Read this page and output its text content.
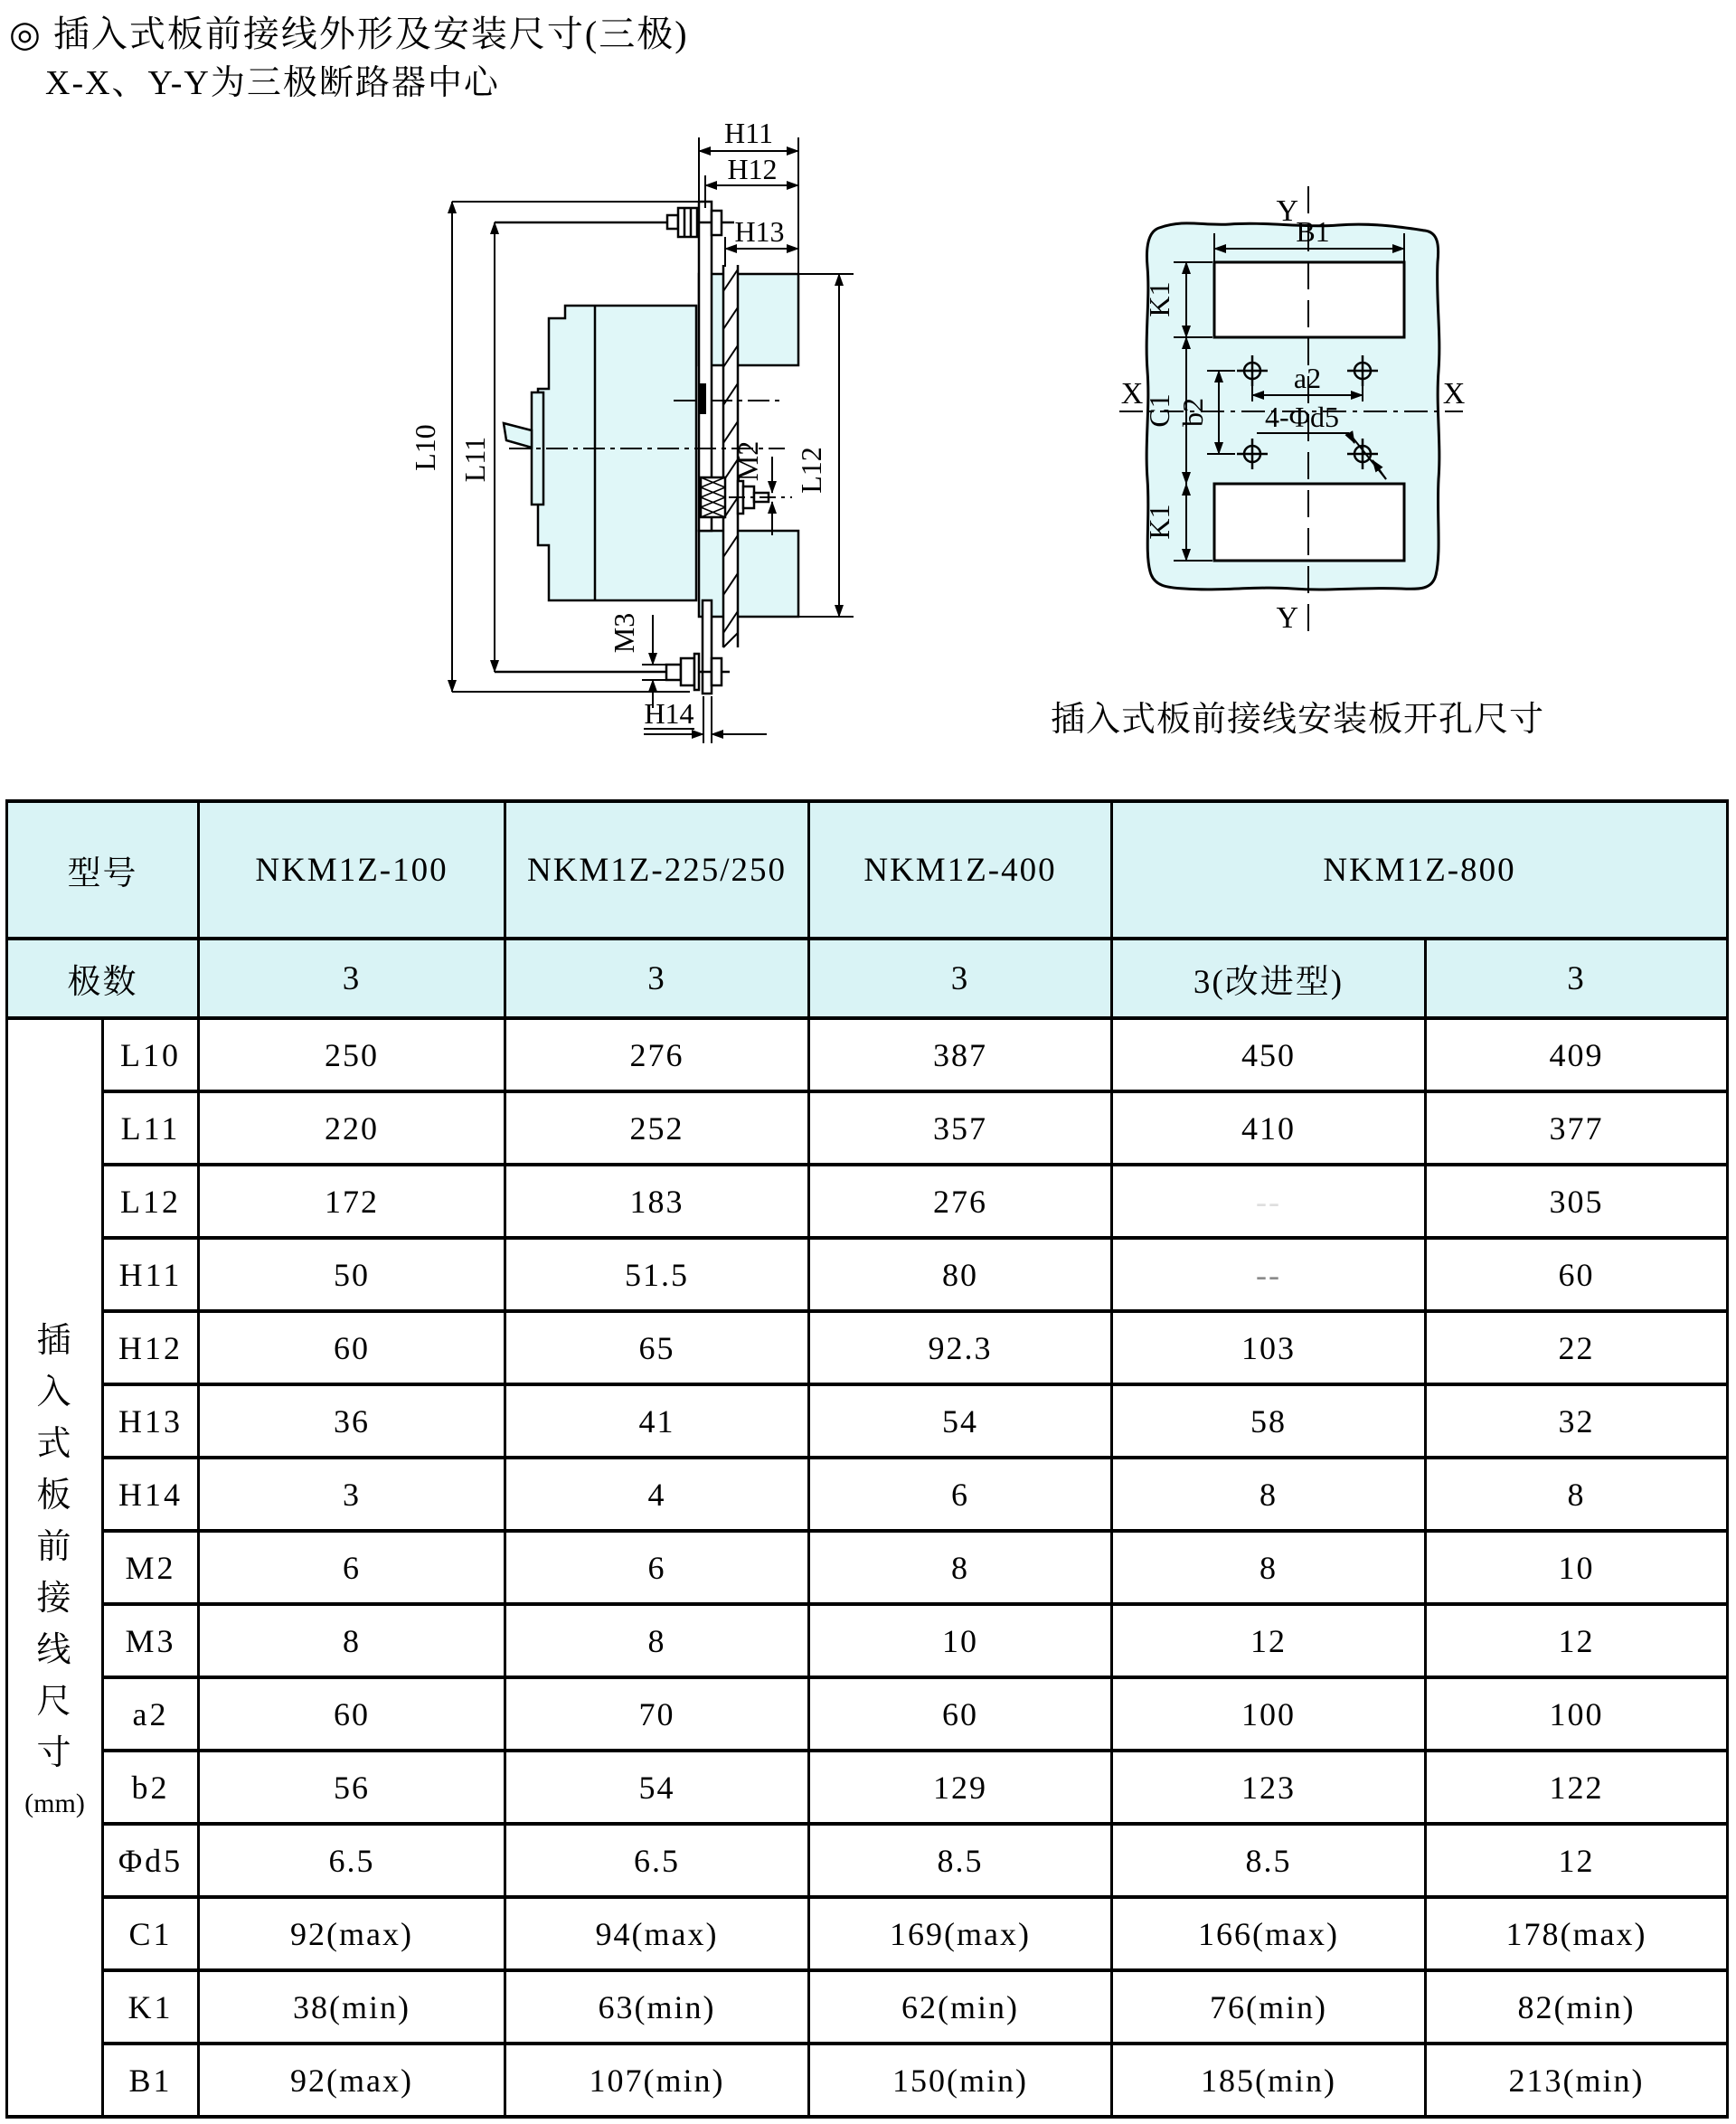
◎ 插入式板前接线外形及安装尺寸(三极)
X-X、Y-Y为三极断路器中心
H11
H12
H13
L10 L11	L12
M2
M3
H14
Y
Y
X	X
B1
K1
C1
K1
b2
a2
4-Φd5
插入式板前接线安装板开孔尺寸
型号		NKM1Z-100	NKM1Z-225/250	NKM1Z-400	NKM1Z-800	
极数		3	3	3	3(改进型)	3

插入式板前接线尺寸
(mm)	L10	250	276	387	450	409
	L11	220	252	357	410	377
	L12	172	183	276	--	305
	H11	50	51.5	80	--	60
	H12	60	65	92.3	103	22
	H13	36	41	54	58	32
	H14	3	4	6	8	8
	M2	6	6	8	8	10
	M3	8	8	10	12	12
	a2	60	70	60	100	100
	b2	56	54	129	123	122
	Φd5	6.5	6.5	8.5	8.5	12
	C1	92(max)	94(max)	169(max)	166(max)	178(max)
	K1	38(min)	63(min)	62(min)	76(min)	82(min)
	B1	92(max)	107(min)	150(min)	185(min)	213(min)
